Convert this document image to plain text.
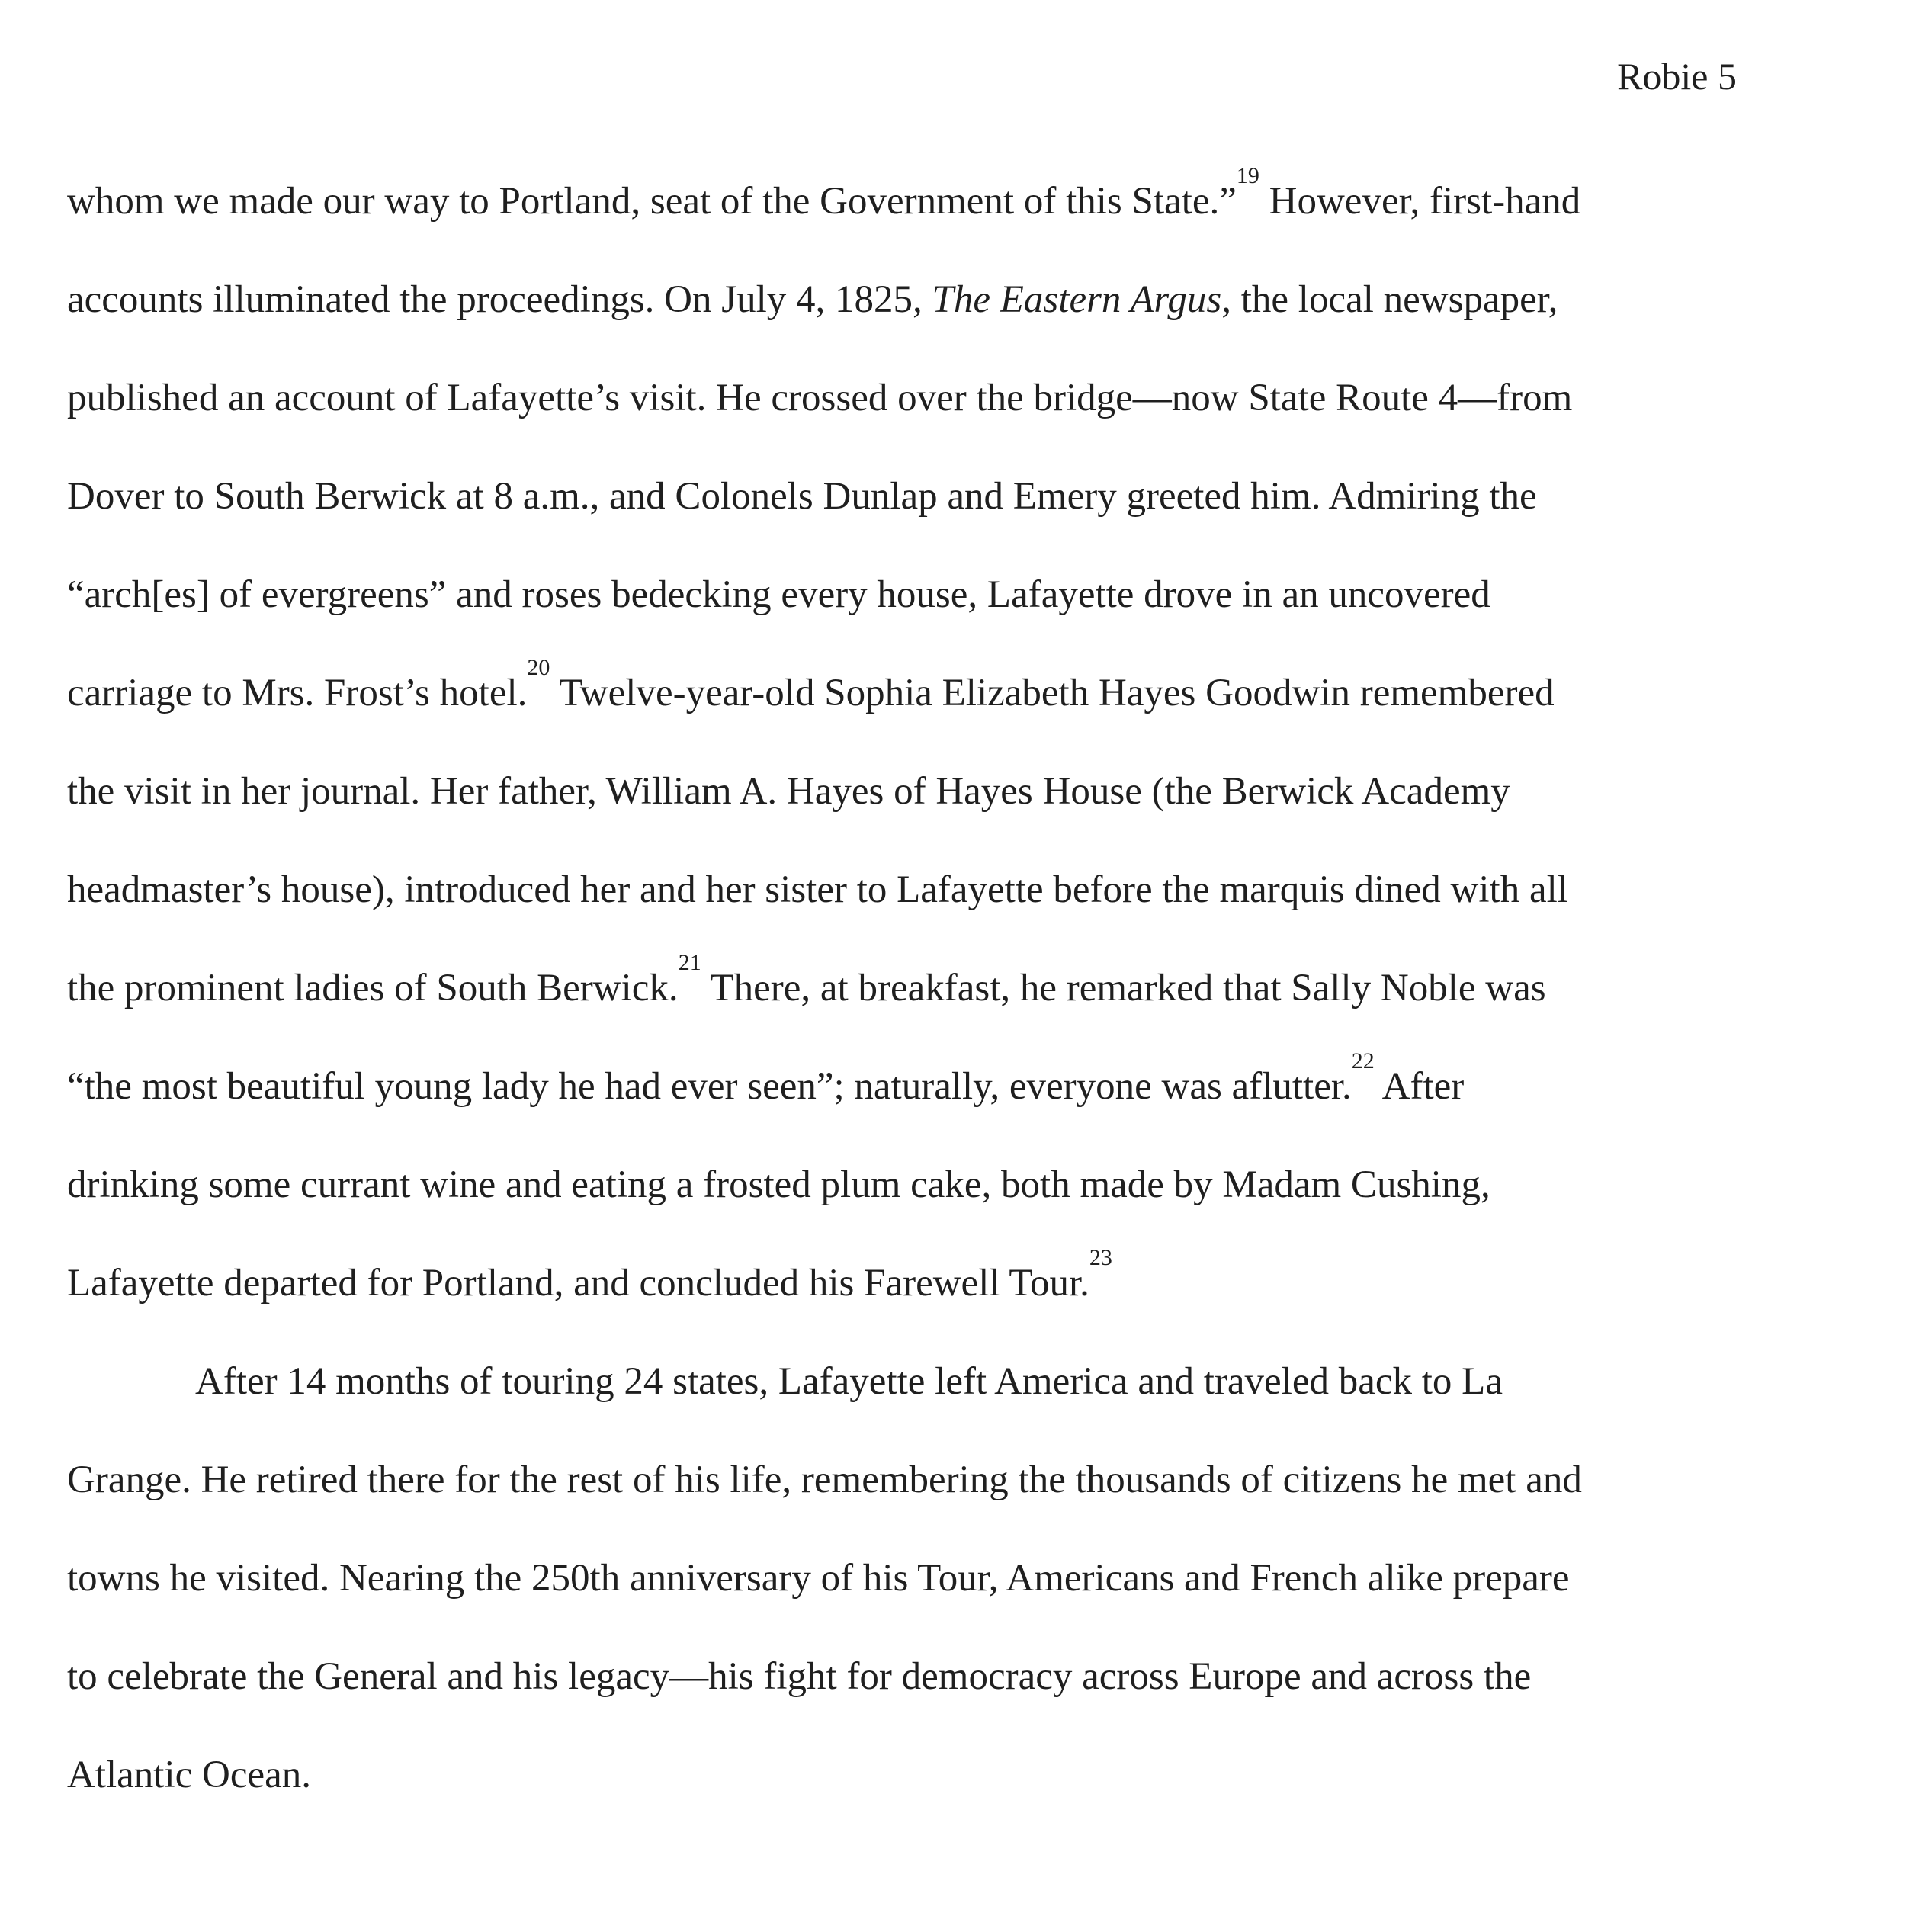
Robie 5
whom we made our way to Portland, seat of the Government of this State.”$^{19}$ However, first-hand
accounts illuminated the proceedings. On July 4, 1825, The Eastern Argus, the local newspaper,
published an account of Lafayette’s visit. He crossed over the bridge—now State Route 4—from
Dover to South Berwick at 8 a.m., and Colonels Dunlap and Emery greeted him. Admiring the
“arch[es] of evergreens” and roses bedecking every house, Lafayette drove in an uncovered
carriage to Mrs. Frost’s hotel.$^{20}$ Twelve-year-old Sophia Elizabeth Hayes Goodwin remembered
the visit in her journal. Her father, William A. Hayes of Hayes House (the Berwick Academy
headmaster’s house), introduced her and her sister to Lafayette before the marquis dined with all
the prominent ladies of South Berwick.$^{21}$ There, at breakfast, he remarked that Sally Noble was
“the most beautiful young lady he had ever seen”; naturally, everyone was aflutter.$^{22}$ After
drinking some currant wine and eating a frosted plum cake, both made by Madam Cushing,
Lafayette departed for Portland, and concluded his Farewell Tour.$^{23}$
After 14 months of touring 24 states, Lafayette left America and traveled back to La
Grange. He retired there for the rest of his life, remembering the thousands of citizens he met and
towns he visited. Nearing the 250th anniversary of his Tour, Americans and French alike prepare
to celebrate the General and his legacy—his fight for democracy across Europe and across the
Atlantic Ocean.
